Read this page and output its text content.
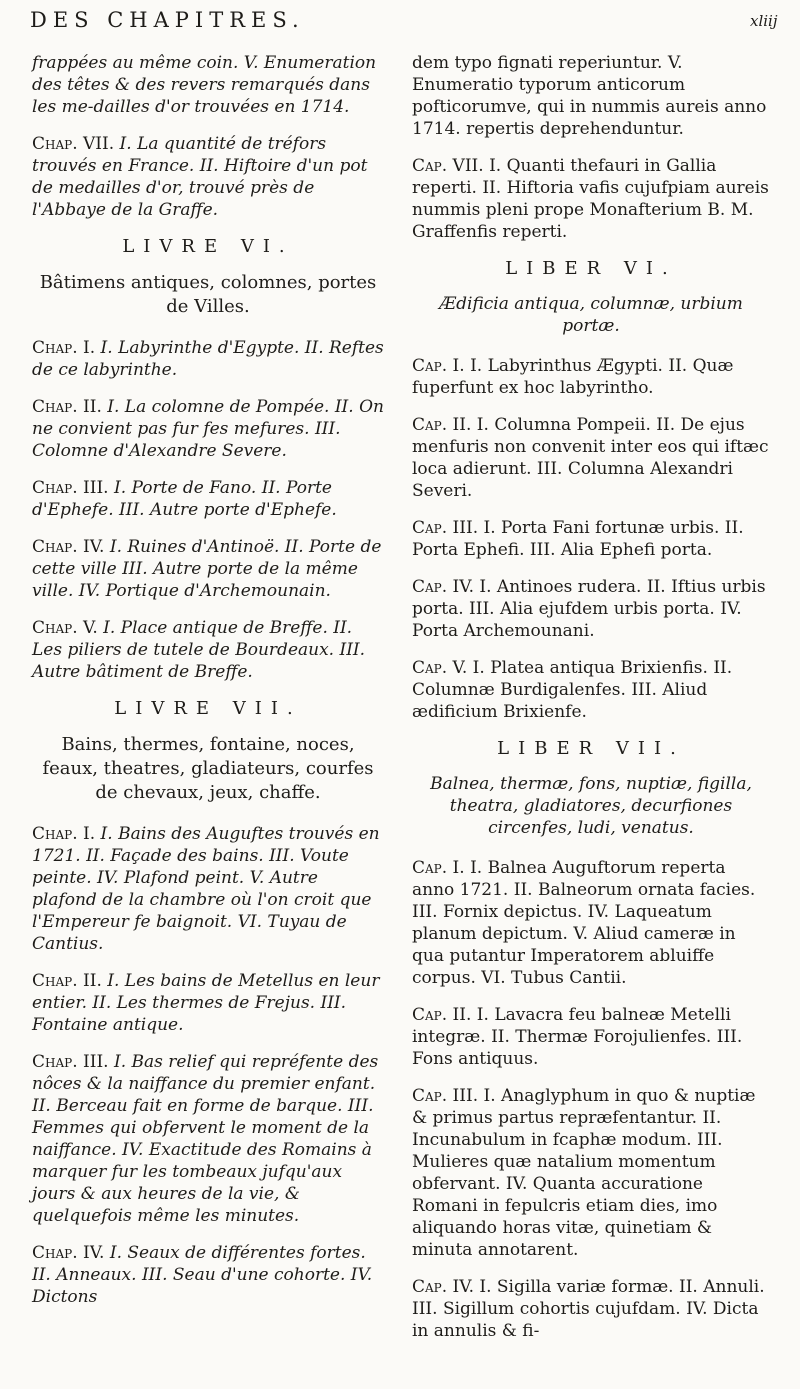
DES CHAPITRES.	xliij
frappées au même coin. V. Enumeration des têtes & des revers remarqués dans les me-dailles d'or trouvées en 1714.
Chap. VII. I. La quantité de tréfors trouvés en France. II. Hiftoire d'un pot de medailles d'or, trouvé près de l'Abbaye de la Graffe.
LIVRE VI.
Bâtimens antiques, colomnes, portes de Villes.
Chap. I. I. Labyrinthe d'Egypte. II. Reftes de ce labyrinthe.
Chap. II. I. La colomne de Pompée. II. On ne convient pas fur fes mefures. III. Colomne d'Alexandre Severe.
Chap. III. I. Porte de Fano. II. Porte d'Ephefe. III. Autre porte d'Ephefe.
Chap. IV. I. Ruines d'Antinoë. II. Porte de cette ville III. Autre porte de la même ville. IV. Portique d'Archemounain.
Chap. V. I. Place antique de Breffe. II. Les piliers de tutele de Bourdeaux. III. Autre bâtiment de Breffe.
LIVRE VII.
Bains, thermes, fontaine, noces, feaux, theatres, gladiateurs, courfes de chevaux, jeux, chaffe.
Chap. I. I. Bains des Auguftes trouvés en 1721. II. Façade des bains. III. Voute peinte. IV. Plafond peint. V. Autre plafond de la chambre où l'on croit que l'Empereur fe baignoit. VI. Tuyau de Cantius.
Chap. II. I. Les bains de Metellus en leur entier. II. Les thermes de Frejus. III. Fontaine antique.
Chap. III. I. Bas relief qui repréfente des nôces & la naiffance du premier enfant. II. Berceau fait en forme de barque. III. Femmes qui obfervent le moment de la naiffance. IV. Exactitude des Romains à marquer fur les tombeaux jufqu'aux jours & aux heures de la vie, & quelquefois même les minutes.
Chap. IV. I. Seaux de différentes fortes. II. Anneaux. III. Seau d'une cohorte. IV. Dictons
dem typo fignati reperiuntur. V. Enumeratio typorum anticorum pofticorumve, qui in nummis aureis anno 1714. repertis deprehenduntur.
Cap. VII. I. Quanti thefauri in Gallia reperti. II. Hiftoria vafis cujufpiam aureis nummis pleni prope Monafterium B. M. Graffenfis reperti.
LIBER VI.
Ædificia antiqua, columnæ, urbium portæ.
Cap. I. I. Labyrinthus Ægypti. II. Quæ fuperfunt ex hoc labyrintho.
Cap. II. I. Columna Pompeii. II. De ejus menfuris non convenit inter eos qui iftæc loca adierunt. III. Columna Alexandri Severi.
Cap. III. I. Porta Fani fortunæ urbis. II. Porta Ephefi. III. Alia Ephefi porta.
Cap. IV. I. Antinoes rudera. II. Iftius urbis porta. III. Alia ejufdem urbis porta. IV. Porta Archemounani.
Cap. V. I. Platea antiqua Brixienfis. II. Columnæ Burdigalenfes. III. Aliud ædificium Brixienfe.
LIBER VII.
Balnea, thermæ, fons, nuptiæ, figilla, theatra, gladiatores, decurfiones circenfes, ludi, venatus.
Cap. I. I. Balnea Auguftorum reperta anno 1721. II. Balneorum ornata facies. III. Fornix depictus. IV. Laqueatum planum depictum. V. Aliud cameræ in qua putantur Imperatorem abluiffe corpus. VI. Tubus Cantii.
Cap. II. I. Lavacra feu balneæ Metelli integræ. II. Thermæ Forojulienfes. III. Fons antiquus.
Cap. III. I. Anaglyphum in quo & nuptiæ & primus partus repræfentantur. II. Incunabulum in fcaphæ modum. III. Mulieres quæ natalium momentum obfervant. IV. Quanta accuratione Romani in fepulcris etiam dies, imo aliquando horas vitæ, quinetiam & minuta annotarent.
Cap. IV. I. Sigilla variæ formæ. II. Annuli. III. Sigillum cohortis cujufdam. IV. Dicta in annulis & fi-
